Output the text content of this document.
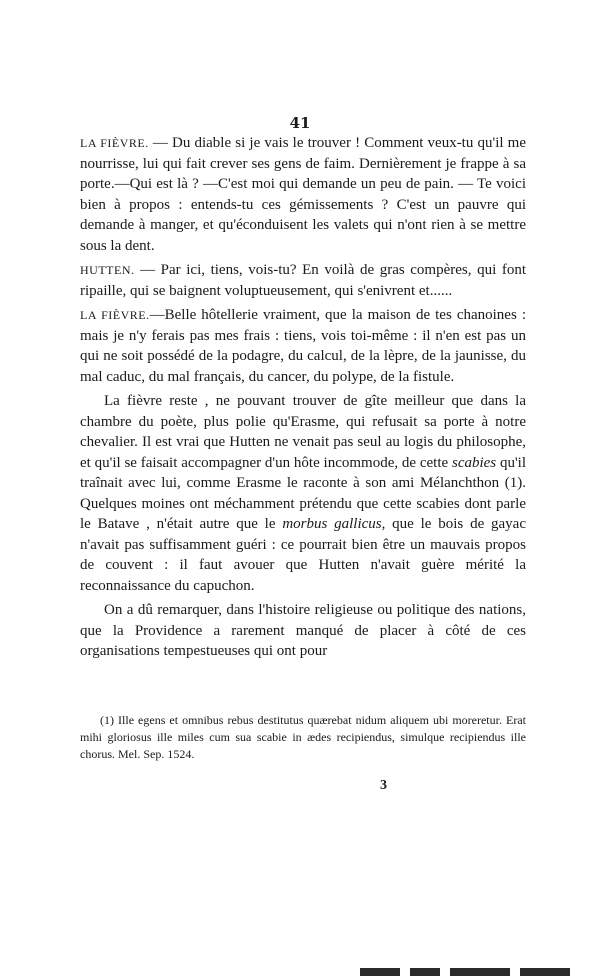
41

LA FIÈVRE. — Du diable si je vais le trouver ! Comment veux-tu qu'il me nourrisse, lui qui fait crever ses gens de faim. Dernièrement je frappe à sa porte.—Qui est là ? —C'est moi qui demande un peu de pain. — Te voici bien à propos : entends-tu ces gémissements ? C'est un pauvre qui demande à manger, et qu'éconduisent les valets qui n'ont rien à se mettre sous la dent.

HUTTEN. — Par ici, tiens, vois-tu? En voilà de gras compères, qui font ripaille, qui se baignent voluptueusement, qui s'enivrent et......

LA FIÈVRE.—Belle hôtellerie vraiment, que la maison de tes chanoines : mais je n'y ferais pas mes frais : tiens, vois toi-même : il n'en est pas un qui ne soit possédé de la podagre, du calcul, de la lèpre, de la jaunisse, du mal caduc, du mal français, du cancer, du polype, de la fistule.

La fièvre reste , ne pouvant trouver de gîte meilleur que dans la chambre du poète, plus polie qu'Erasme, qui refusait sa porte à notre chevalier. Il est vrai que Hutten ne venait pas seul au logis du philosophe, et qu'il se faisait accompagner d'un hôte incommode, de cette scabies qu'il traînait avec lui, comme Erasme le raconte à son ami Mélanchthon (1). Quelques moines ont méchamment prétendu que cette scabies dont parle le Batave , n'était autre que le morbus gallicus, que le bois de gayac n'avait pas suffisamment guéri : ce pourrait bien être un mauvais propos de couvent : il faut avouer que Hutten n'avait guère mérité la reconnaissance du capuchon.

On a dû remarquer, dans l'histoire religieuse ou politique des nations, que la Providence a rarement manqué de placer à côté de ces organisations tempestueuses qui ont pour

(1) Ille egens et omnibus rebus destitutus quærebat nidum aliquem ubi moreretur. Erat mihi gloriosus ille miles cum sua scabie in ædes recipiendus, simulque recipiendus ille chorus. Mel. Sep. 1524.

3
